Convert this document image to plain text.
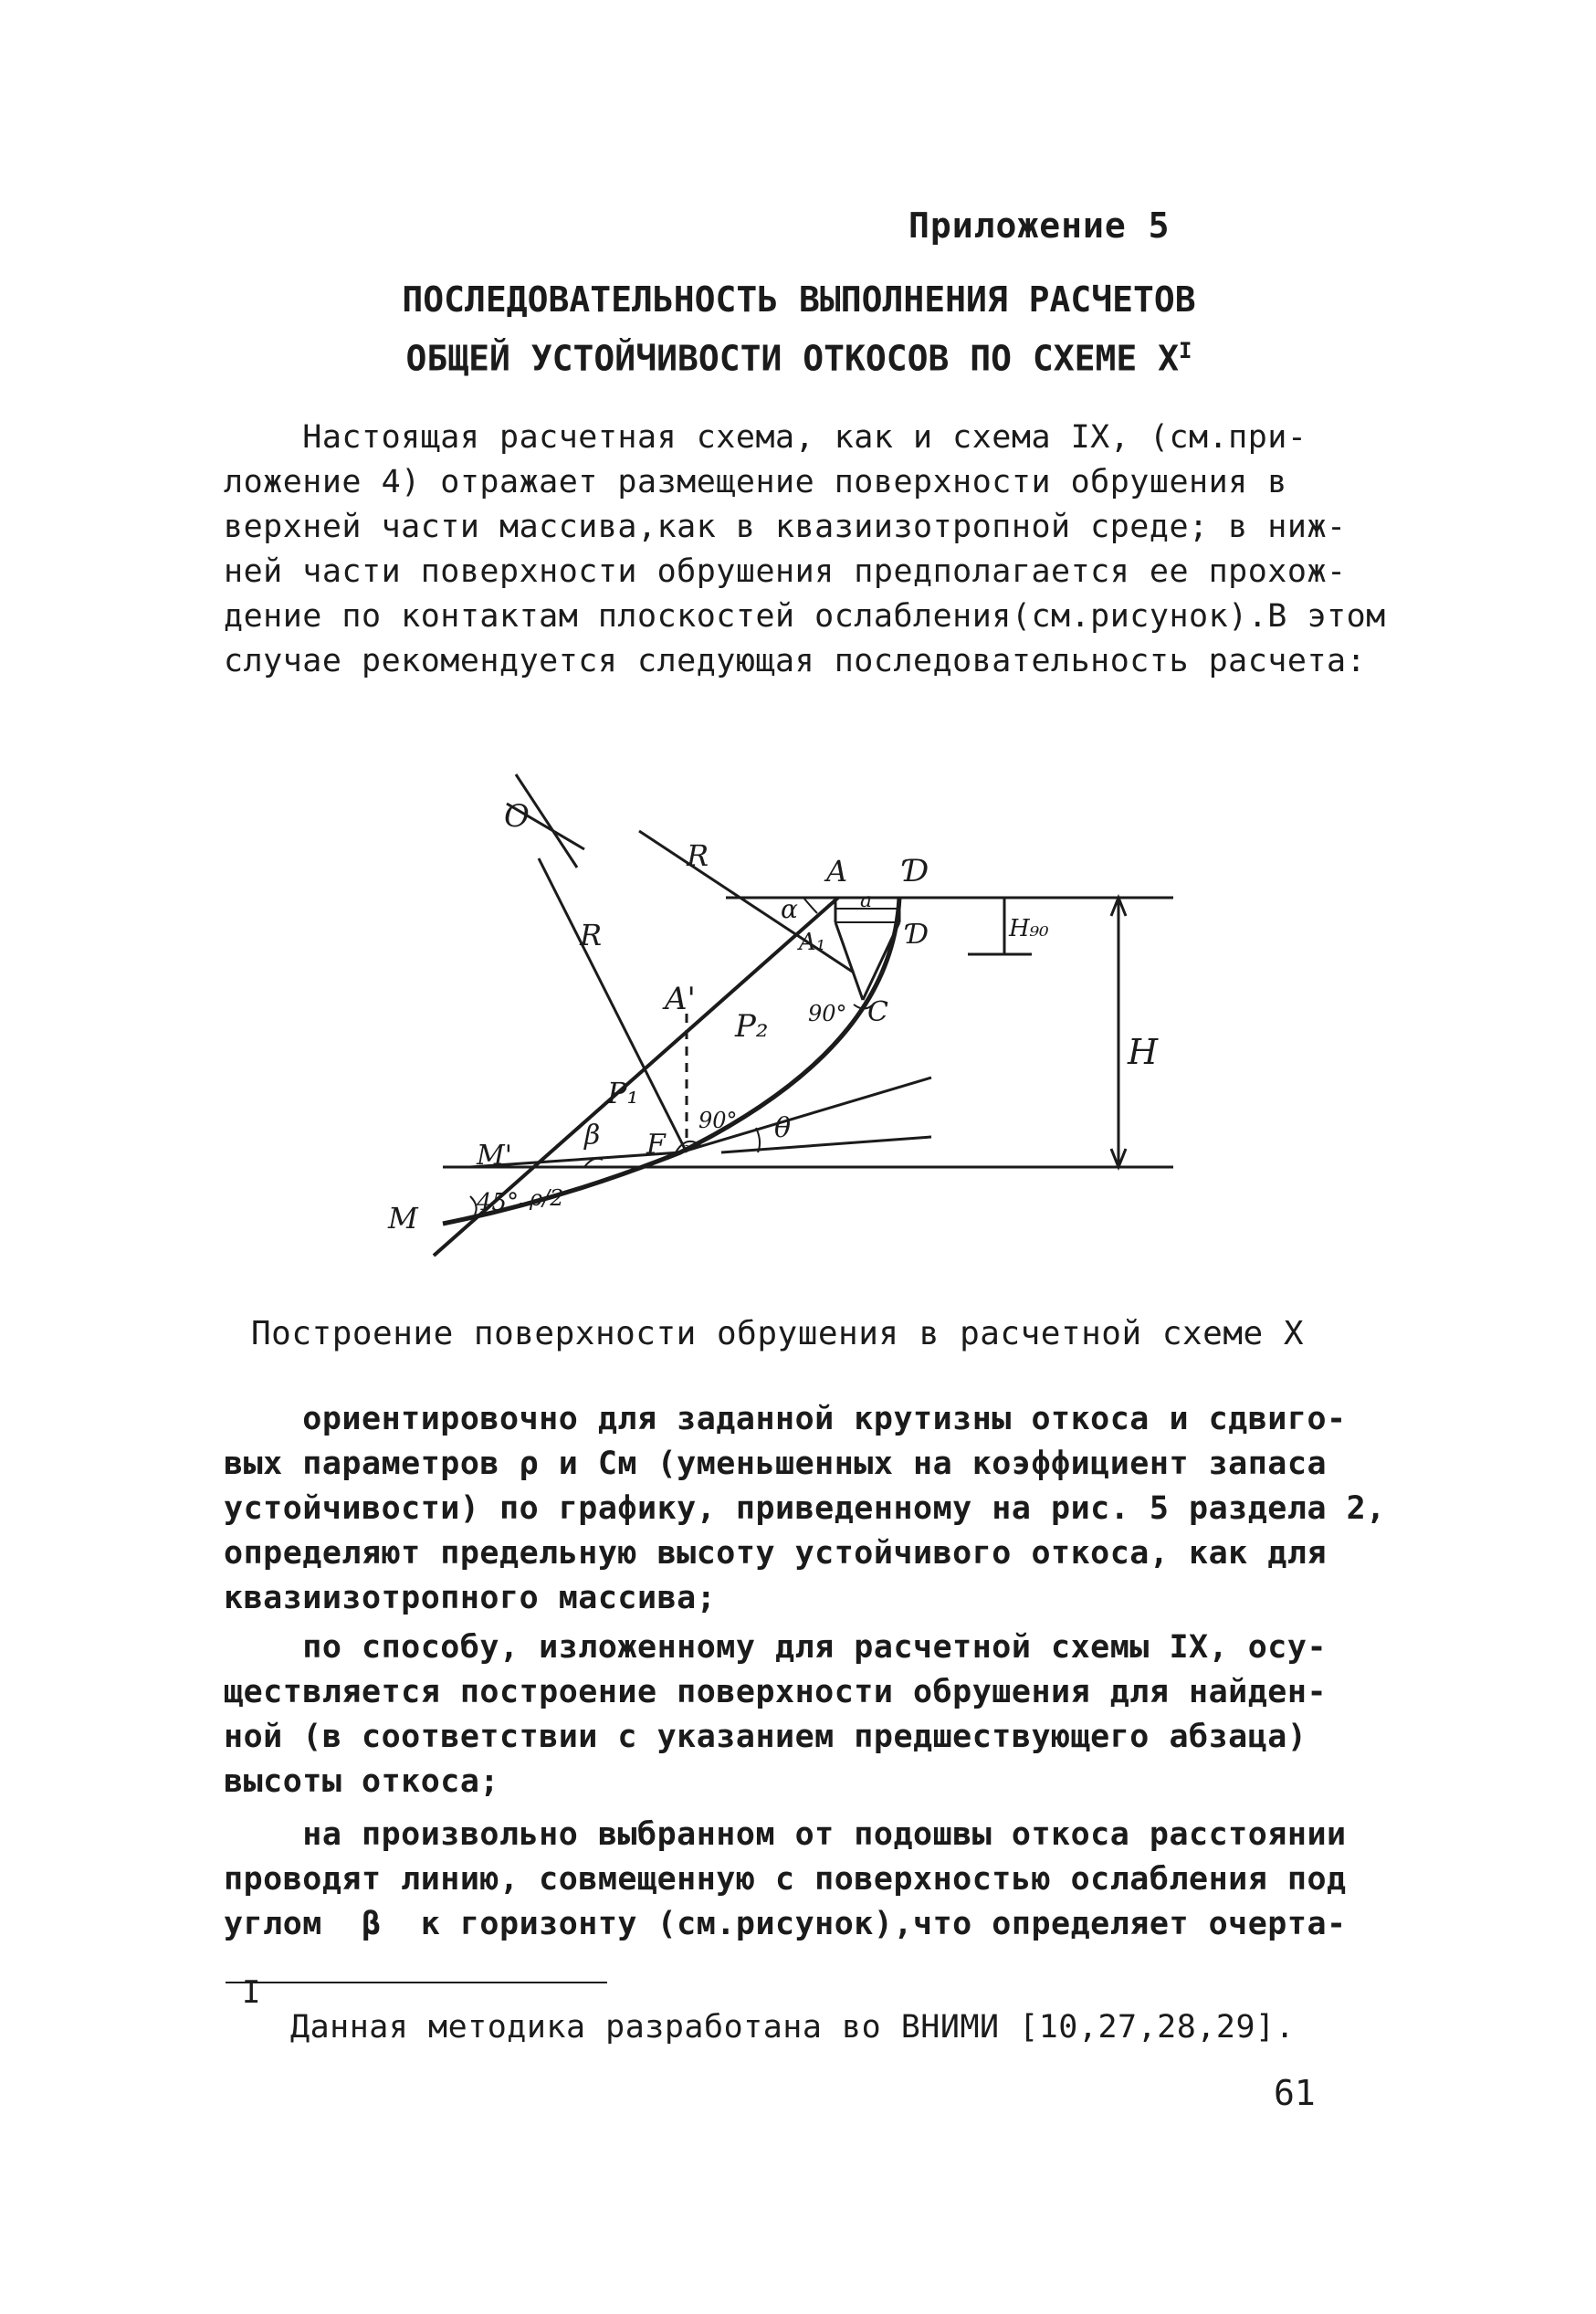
Приложение 5
ПОСЛЕДОВАТЕЛЬНОСТЬ ВЫПОЛНЕНИЯ РАСЧЕТОВ
ОБЩЕЙ УСТОЙЧИВОСТИ ОТКОСОВ ПО СХЕМЕ $X^I$
Настоящая расчетная схема, как и схема IX, (см.при-
ложение 4) отражает размещение поверхности обрушения в
верхней части массива,как в квазиизотропной среде; в ниж-
ней части поверхности обрушения предполагается ее прохож-
дение по контактам плоскостей ослабления(см.рисунок).В этом
случае рекомендуется следующая последовательность расчета:
O
R
R
A Ɗ
α	a
Ɗ	H₉₀
A₁
A'
P₂ 90° C
H
P₁
90°
β F
θ
M'
45°- ρ/2
M
Построение поверхности обрушения в расчетной схеме X
ориентировочно для заданной крутизны откоса и сдвиго-
вых параметров ρ и Cм (уменьшенных на коэффициент запаса
устойчивости) по графику, приведенному на рис. 5 раздела 2,
определяют предельную высоту устойчивого откоса, как для
квазиизотропного массива;
по способу, изложенному для расчетной схемы IX, осу-
ществляется построение поверхности обрушения для найден-
ной (в соответствии с указанием предшествующего абзаца)
высоты откоса;
на произвольно выбранном от подошвы откоса расстоянии
проводят линию, совмещенную с поверхностью ослабления под
углом  β  к горизонту (см.рисунок),что определяет очерта-
I
Данная методика разработана во ВНИМИ [10,27,28,29].
61
